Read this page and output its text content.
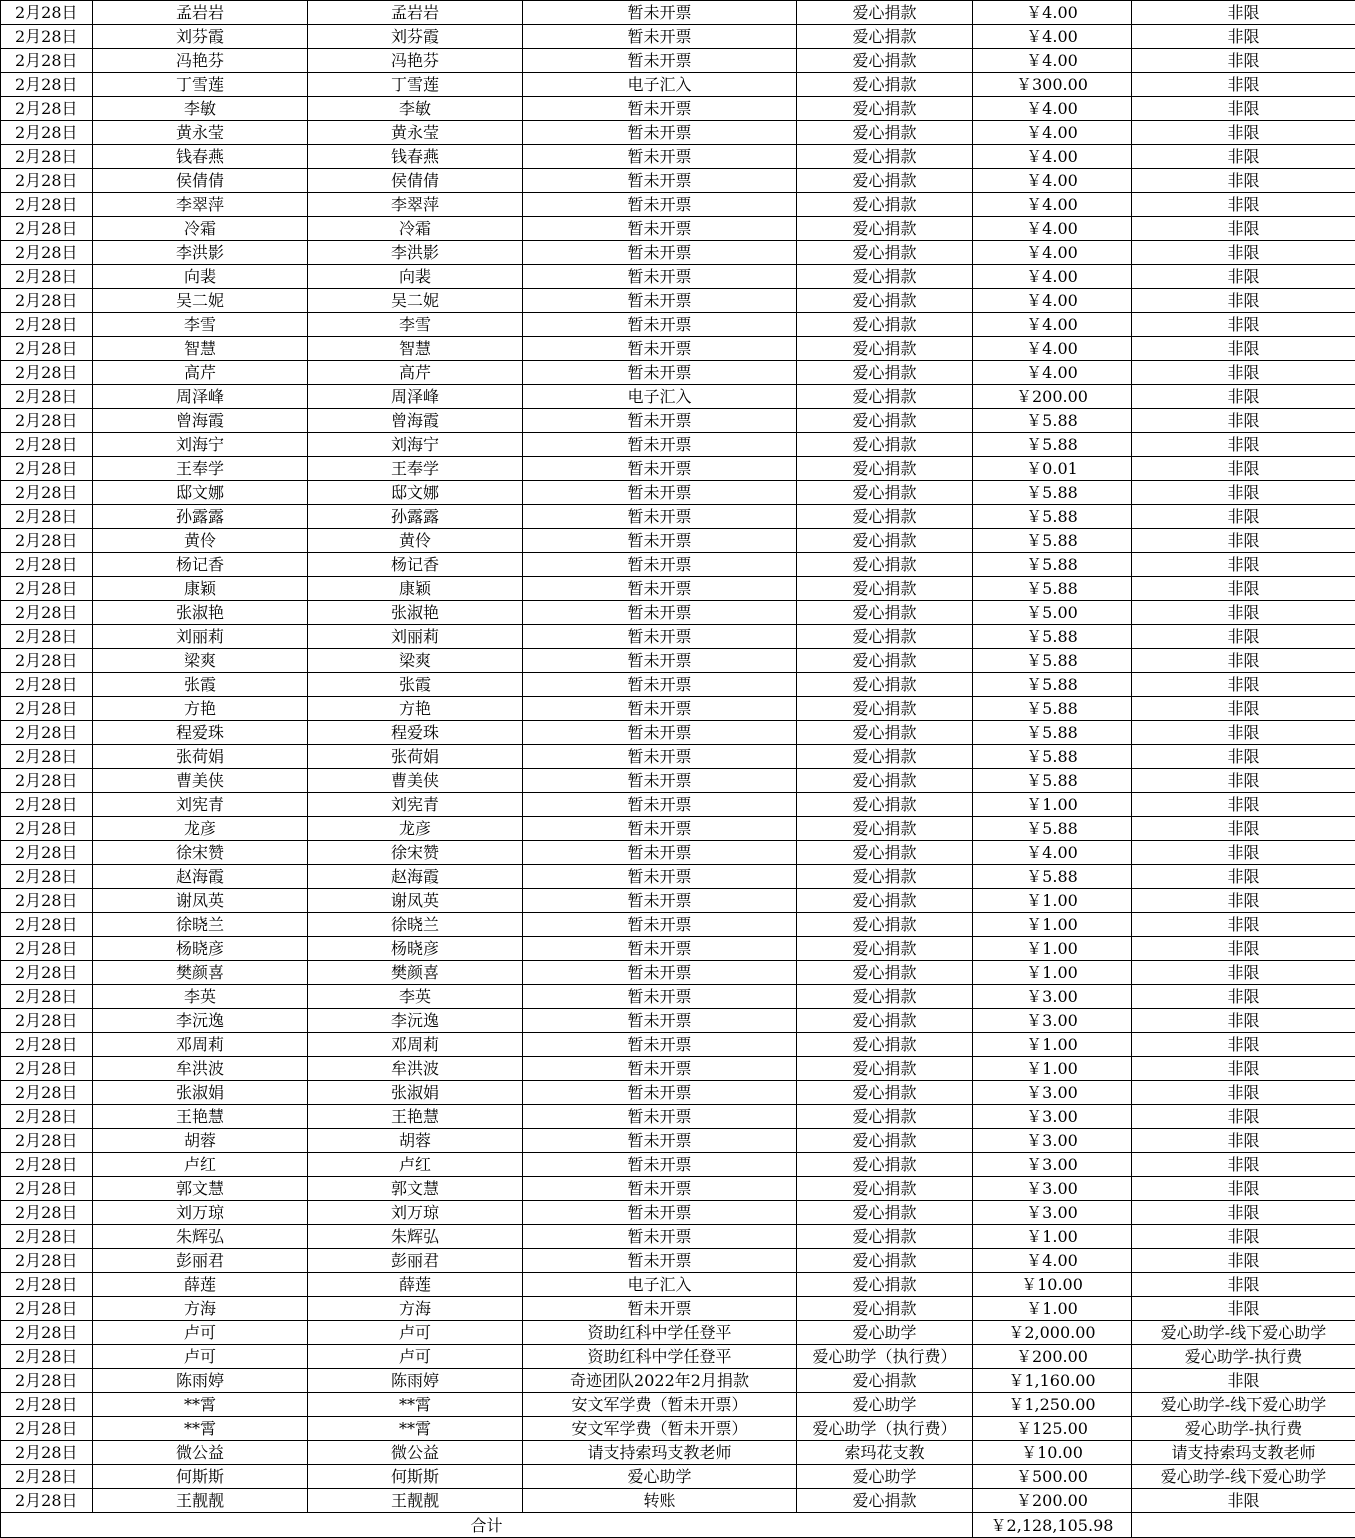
2月28日	孟岩岩	孟岩岩	暂未开票	爱心捐款	￥4.00	非限
2月28日	刘芬霞	刘芬霞	暂未开票	爱心捐款	￥4.00	非限
2月28日	冯艳芬	冯艳芬	暂未开票	爱心捐款	￥4.00	非限
2月28日	丁雪莲	丁雪莲	电子汇入	爱心捐款	￥300.00	非限
2月28日	李敏	李敏	暂未开票	爱心捐款	￥4.00	非限
2月28日	黄永莹	黄永莹	暂未开票	爱心捐款	￥4.00	非限
2月28日	钱春燕	钱春燕	暂未开票	爱心捐款	￥4.00	非限
2月28日	侯倩倩	侯倩倩	暂未开票	爱心捐款	￥4.00	非限
2月28日	李翠萍	李翠萍	暂未开票	爱心捐款	￥4.00	非限
2月28日	冷霜	冷霜	暂未开票	爱心捐款	￥4.00	非限
2月28日	李洪影	李洪影	暂未开票	爱心捐款	￥4.00	非限
2月28日	向裴	向裴	暂未开票	爱心捐款	￥4.00	非限
2月28日	吴二妮	吴二妮	暂未开票	爱心捐款	￥4.00	非限
2月28日	李雪	李雪	暂未开票	爱心捐款	￥4.00	非限
2月28日	智慧	智慧	暂未开票	爱心捐款	￥4.00	非限
2月28日	高芹	高芹	暂未开票	爱心捐款	￥4.00	非限
2月28日	周泽峰	周泽峰	电子汇入	爱心捐款	￥200.00	非限
2月28日	曾海霞	曾海霞	暂未开票	爱心捐款	￥5.88	非限
2月28日	刘海宁	刘海宁	暂未开票	爱心捐款	￥5.88	非限
2月28日	王奉学	王奉学	暂未开票	爱心捐款	￥0.01	非限
2月28日	邸文娜	邸文娜	暂未开票	爱心捐款	￥5.88	非限
2月28日	孙露露	孙露露	暂未开票	爱心捐款	￥5.88	非限
2月28日	黄伶	黄伶	暂未开票	爱心捐款	￥5.88	非限
2月28日	杨记香	杨记香	暂未开票	爱心捐款	￥5.88	非限
2月28日	康颖	康颖	暂未开票	爱心捐款	￥5.88	非限
2月28日	张淑艳	张淑艳	暂未开票	爱心捐款	￥5.00	非限
2月28日	刘丽莉	刘丽莉	暂未开票	爱心捐款	￥5.88	非限
2月28日	梁爽	梁爽	暂未开票	爱心捐款	￥5.88	非限
2月28日	张霞	张霞	暂未开票	爱心捐款	￥5.88	非限
2月28日	方艳	方艳	暂未开票	爱心捐款	￥5.88	非限
2月28日	程爱珠	程爱珠	暂未开票	爱心捐款	￥5.88	非限
2月28日	张荷娟	张荷娟	暂未开票	爱心捐款	￥5.88	非限
2月28日	曹美侠	曹美侠	暂未开票	爱心捐款	￥5.88	非限
2月28日	刘宪青	刘宪青	暂未开票	爱心捐款	￥1.00	非限
2月28日	龙彦	龙彦	暂未开票	爱心捐款	￥5.88	非限
2月28日	徐宋赞	徐宋赞	暂未开票	爱心捐款	￥4.00	非限
2月28日	赵海霞	赵海霞	暂未开票	爱心捐款	￥5.88	非限
2月28日	谢凤英	谢凤英	暂未开票	爱心捐款	￥1.00	非限
2月28日	徐晓兰	徐晓兰	暂未开票	爱心捐款	￥1.00	非限
2月28日	杨晓彦	杨晓彦	暂未开票	爱心捐款	￥1.00	非限
2月28日	樊颜喜	樊颜喜	暂未开票	爱心捐款	￥1.00	非限
2月28日	李英	李英	暂未开票	爱心捐款	￥3.00	非限
2月28日	李沅逸	李沅逸	暂未开票	爱心捐款	￥3.00	非限
2月28日	邓周莉	邓周莉	暂未开票	爱心捐款	￥1.00	非限
2月28日	牟洪波	牟洪波	暂未开票	爱心捐款	￥1.00	非限
2月28日	张淑娟	张淑娟	暂未开票	爱心捐款	￥3.00	非限
2月28日	王艳慧	王艳慧	暂未开票	爱心捐款	￥3.00	非限
2月28日	胡蓉	胡蓉	暂未开票	爱心捐款	￥3.00	非限
2月28日	卢红	卢红	暂未开票	爱心捐款	￥3.00	非限
2月28日	郭文慧	郭文慧	暂未开票	爱心捐款	￥3.00	非限
2月28日	刘万琼	刘万琼	暂未开票	爱心捐款	￥3.00	非限
2月28日	朱辉弘	朱辉弘	暂未开票	爱心捐款	￥1.00	非限
2月28日	彭丽君	彭丽君	暂未开票	爱心捐款	￥4.00	非限
2月28日	薛莲	薛莲	电子汇入	爱心捐款	￥10.00	非限
2月28日	方海	方海	暂未开票	爱心捐款	￥1.00	非限
2月28日	卢可	卢可	资助红科中学任登平	爱心助学	￥2,000.00	爱心助学-线下爱心助学
2月28日	卢可	卢可	资助红科中学任登平	爱心助学（执行费）	￥200.00	爱心助学-执行费
2月28日	陈雨婷	陈雨婷	奇迹团队2022年2月捐款	爱心捐款	￥1,160.00	非限
2月28日	**霄	**霄	安文军学费（暂未开票）	爱心助学	￥1,250.00	爱心助学-线下爱心助学
2月28日	**霄	**霄	安文军学费（暂未开票）	爱心助学（执行费）	￥125.00	爱心助学-执行费
2月28日	微公益	微公益	请支持索玛支教老师	索玛花支教	￥10.00	请支持索玛支教老师
2月28日	何斯斯	何斯斯	爱心助学	爱心助学	￥500.00	爱心助学-线下爱心助学
2月28日	王靓靓	王靓靓	转账	爱心捐款	￥200.00	非限
合计					￥2,128,105.98	
